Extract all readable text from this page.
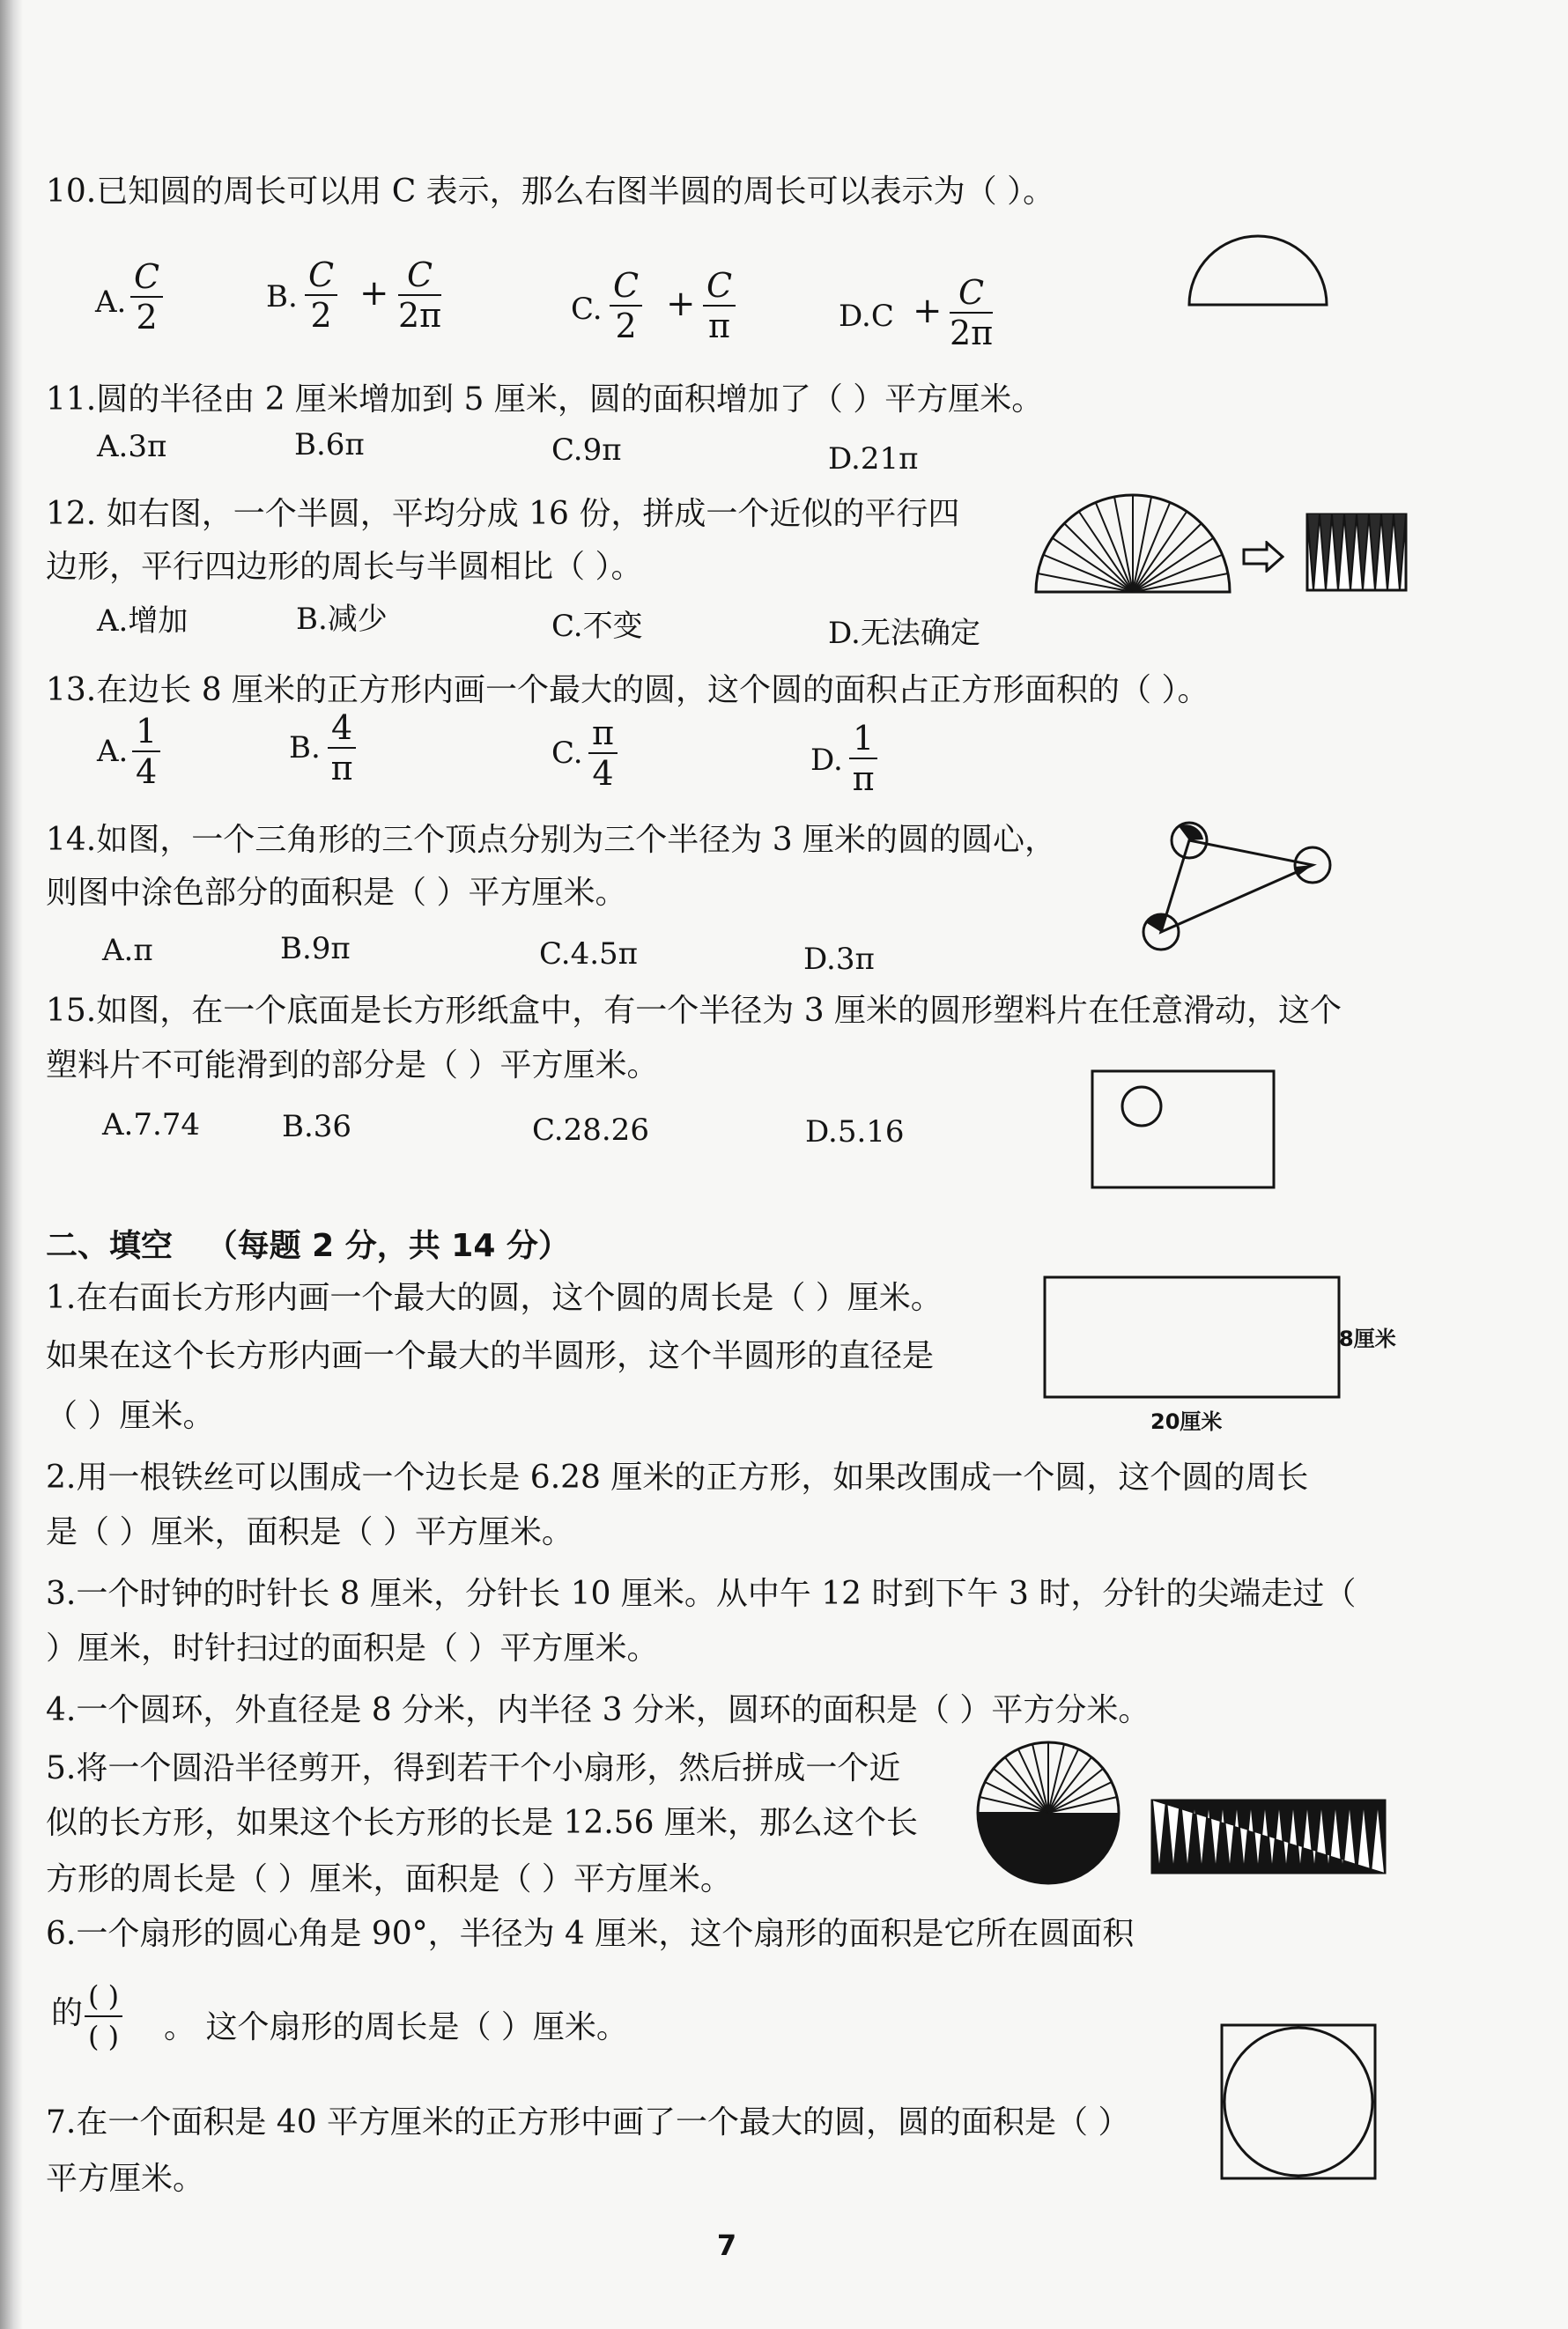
10.已知圆的周长可以用 C 表示，那么右图半圆的周长可以表示为（ ）。
A. $\frac{C}{2}$	B. $\frac{C}{2} + \frac{C}{2\pi}$	C. $\frac{C}{2} + \frac{C}{\pi}$	$D.C + \frac{C}{2\pi}$
11.圆的半径由 2 厘米增加到 5 厘米，圆的面积增加了（ ）平方厘米。
A.3π	B.6π	C.9π	D.21π
12. 如右图，一个半圆，平均分成 16 份，拼成一个近似的平行四
边形，平行四边形的周长与半圆相比（ ）。
A.增加	B.减少	C.不变	D.无法确定
13.在边长 8 厘米的正方形内画一个最大的圆，这个圆的面积占正方形面积的（ ）。
A. $\frac{1}{4}$	B. $\frac{4}{\pi}$	C. $\frac{\pi}{4}$	D. $\frac{1}{\pi}$
14.如图，一个三角形的三个顶点分别为三个半径为 3 厘米的圆的圆心，
则图中涂色部分的面积是（ ）平方厘米。
A.π	B.9π	C.4.5π	D.3π
15.如图，在一个底面是长方形纸盒中，有一个半径为 3 厘米的圆形塑料片在任意滑动，这个
塑料片不可能滑到的部分是（ ）平方厘米。
A.7.74	B.36	C.28.26	D.5.16
二、填空 （每题 2 分，共 14 分）
1.在右面长方形内画一个最大的圆，这个圆的周长是（ ）厘米。
如果在这个长方形内画一个最大的半圆形，这个半圆形的直径是
（ ）厘米。
8厘米
20厘米
2.用一根铁丝可以围成一个边长是 6.28 厘米的正方形，如果改围成一个圆，这个圆的周长
是（ ）厘米，面积是（ ）平方厘米。
3.一个时钟的时针长 8 厘米，分针长 10 厘米。从中午 12 时到下午 3 时，分针的尖端走过（
）厘米，时针扫过的面积是（ ）平方厘米。
4.一个圆环，外直径是 8 分米，内半径 3 分米，圆环的面积是（ ）平方分米。
5.将一个圆沿半径剪开，得到若干个小扇形，然后拼成一个近
似的长方形，如果这个长方形的长是 12.56 厘米，那么这个长
方形的周长是（ ）厘米，面积是（ ）平方厘米。
6.一个扇形的圆心角是 90°，半径为 4 厘米，这个扇形的面积是它所在圆面积
的 ( )
( ) 。 这个扇形的周长是（ ）厘米。
7.在一个面积是 40 平方厘米的正方形中画了一个最大的圆，圆的面积是（ ）
平方厘米。
7
